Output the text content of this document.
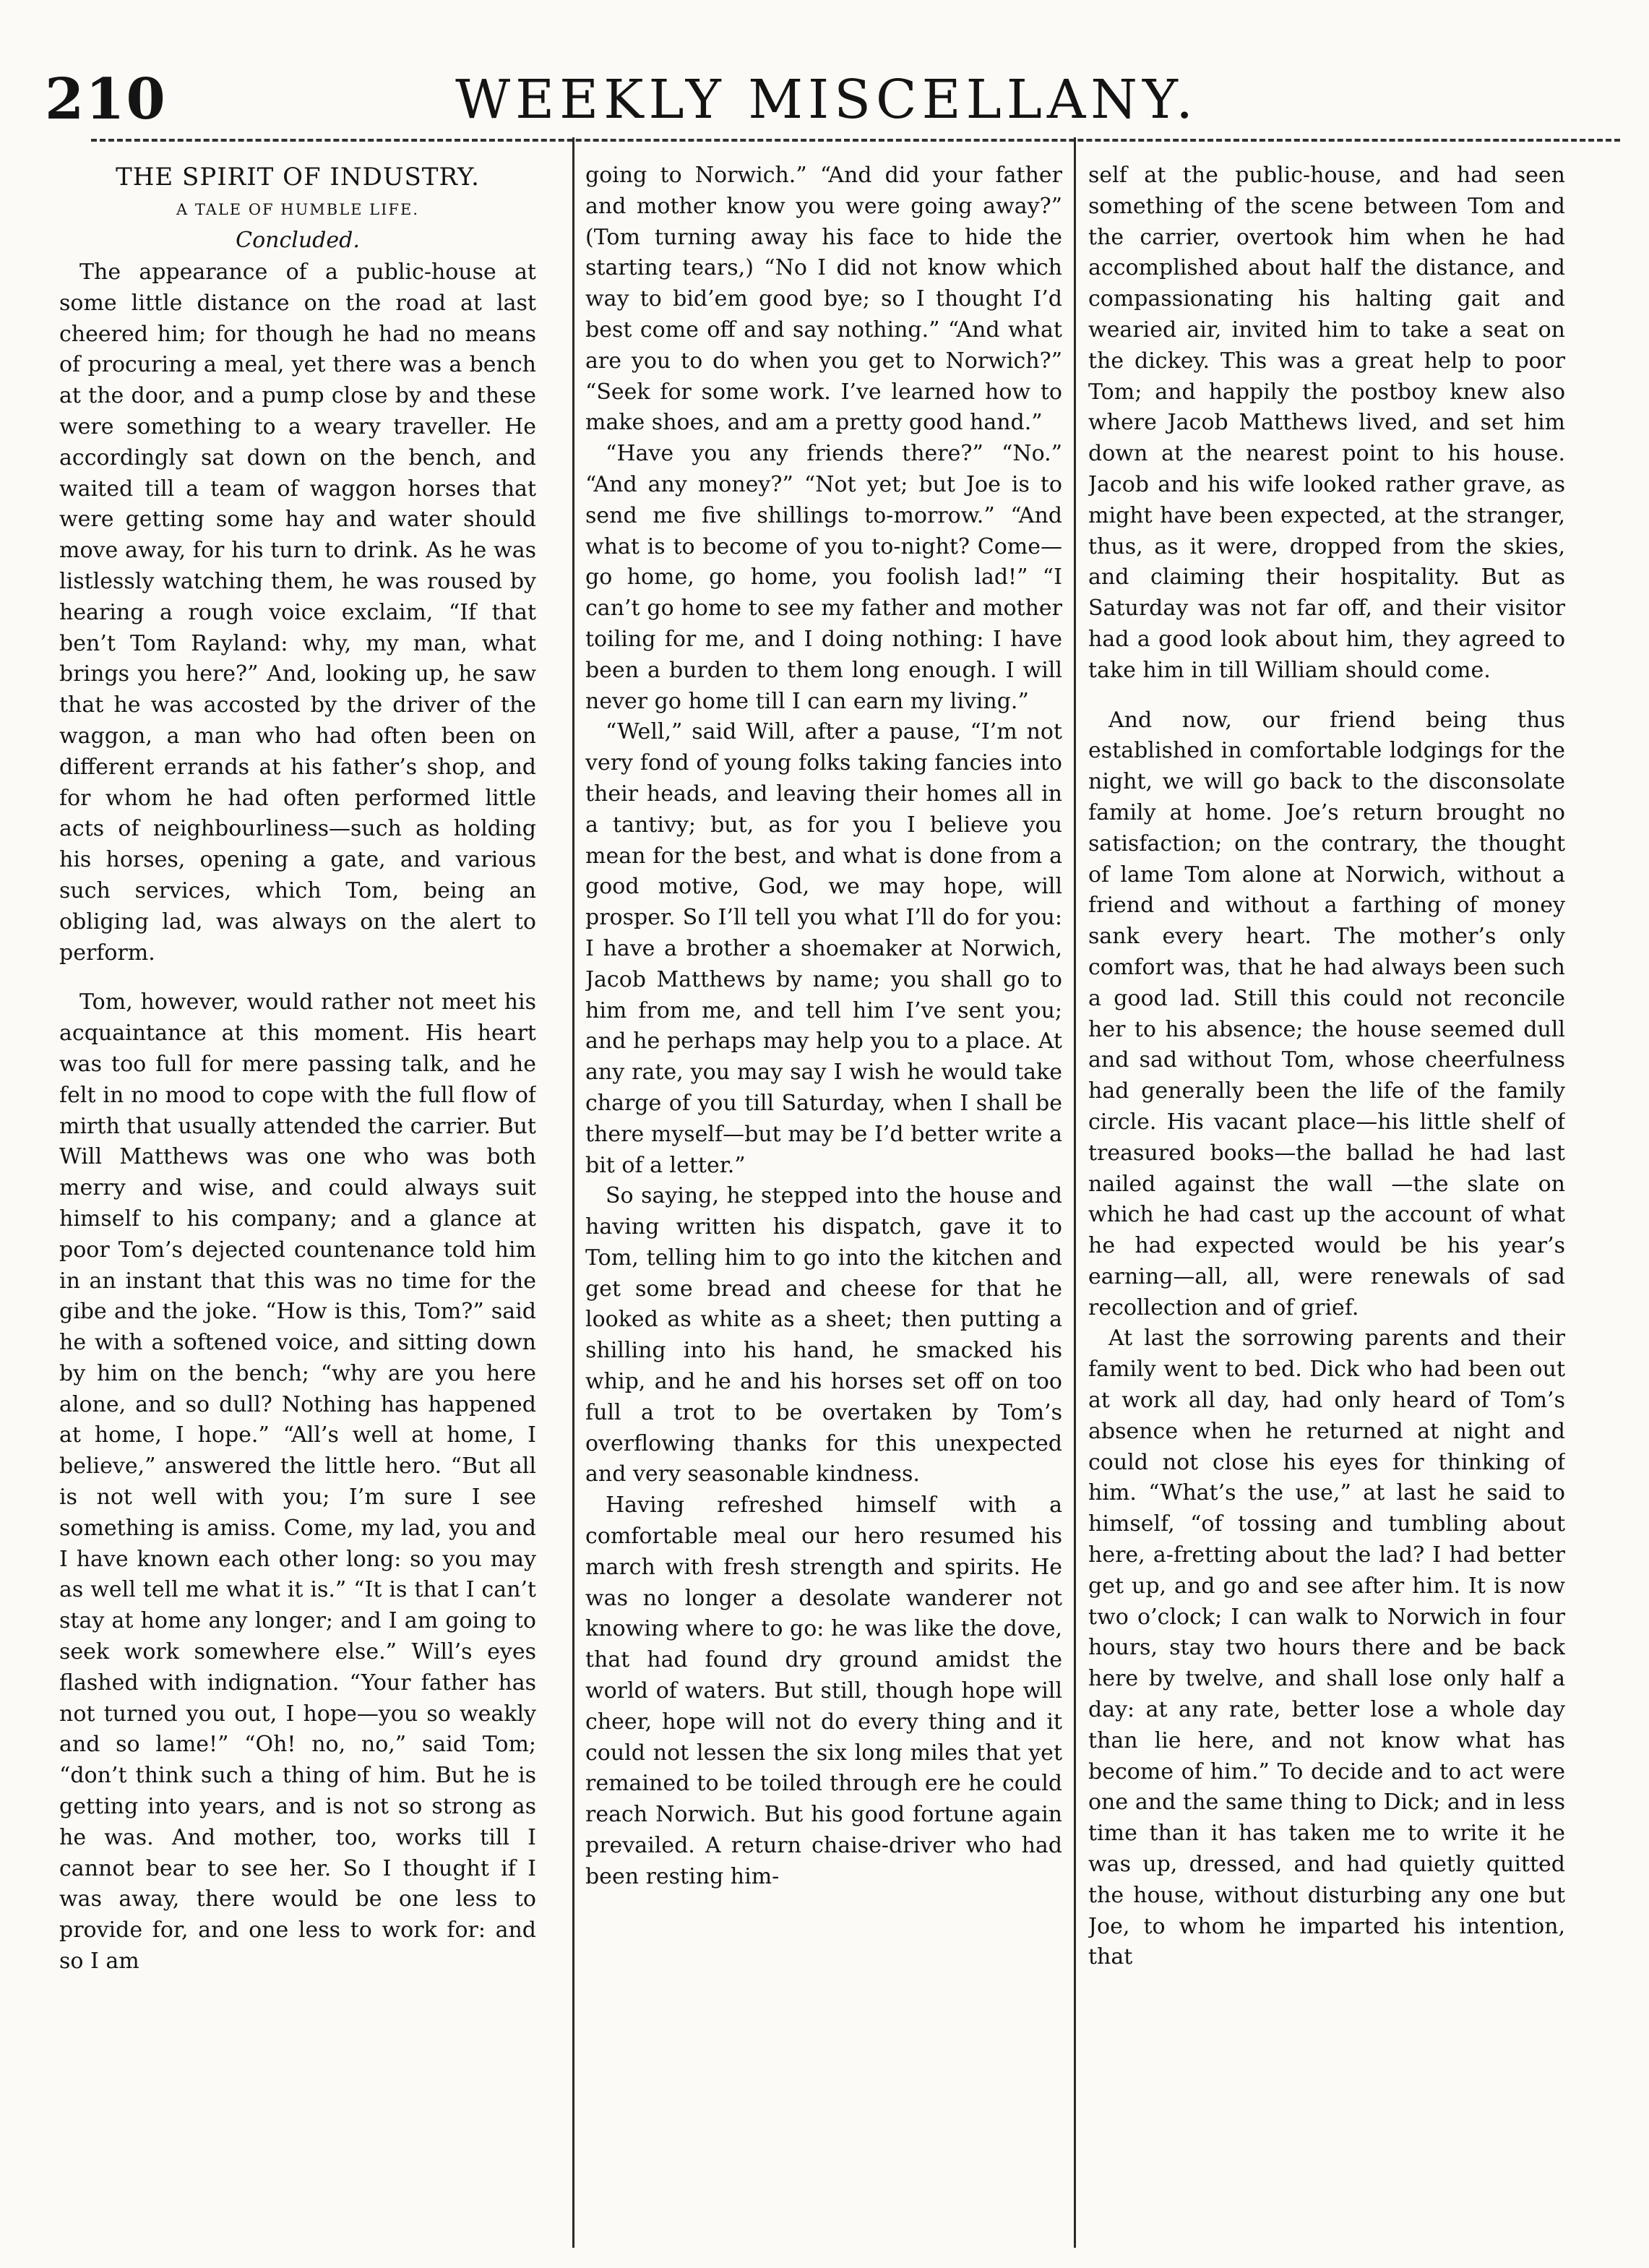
210	WEEKLY MISCELLANY.
THE SPIRIT OF INDUSTRY.
A TALE OF HUMBLE LIFE.
Concluded.

The appearance of a public-house at some little distance on the road at last cheered him; for though he had no means of procuring a meal, yet there was a bench at the door, and a pump close by and these were something to a weary traveller. He accordingly sat down on the bench, and waited till a team of waggon horses that were getting some hay and water should move away, for his turn to drink. As he was listlessly watching them, he was roused by hearing a rough voice exclaim, “If that ben’t Tom Rayland: why, my man, what brings you here?” And, looking up, he saw that he was accosted by the driver of the waggon, a man who had often been on different errands at his father’s shop, and for whom he had often performed little acts of neighbourliness—such as holding his horses, opening a gate, and various such services, which Tom, being an obliging lad, was always on the alert to perform.

Tom, however, would rather not meet his acquaintance at this moment. His heart was too full for mere passing talk, and he felt in no mood to cope with the full flow of mirth that usually attended the carrier. But Will Matthews was one who was both merry and wise, and could always suit himself to his company; and a glance at poor Tom’s dejected countenance told him in an instant that this was no time for the gibe and the joke. “How is this, Tom?” said he with a softened voice, and sitting down by him on the bench; “why are you here alone, and so dull? Nothing has happened at home, I hope.” “All’s well at home, I believe,” answered the little hero. “But all is not well with you; I’m sure I see something is amiss. Come, my lad, you and I have known each other long: so you may as well tell me what it is.” “It is that I can’t stay at home any longer; and I am going to seek work somewhere else.” Will’s eyes flashed with indignation. “Your father has not turned you out, I hope—you so weakly and so lame!” “Oh! no, no,” said Tom; “don’t think such a thing of him. But he is getting into years, and is not so strong as he was. And mother, too, works till I cannot bear to see her. So I thought if I was away, there would be one less to provide for, and one less to work for: and so I am

going to Norwich.” “And did your father and mother know you were going away?” (Tom turning away his face to hide the starting tears,) “No I did not know which way to bid’em good bye; so I thought I’d best come off and say nothing.” “And what are you to do when you get to Norwich?” “Seek for some work. I’ve learned how to make shoes, and am a pretty good hand.”

“Have you any friends there?” “No.” “And any money?” “Not yet; but Joe is to send me five shillings to-morrow.” “And what is to become of you to-night? Come—go home, go home, you foolish lad!” “I can’t go home to see my father and mother toiling for me, and I doing nothing: I have been a burden to them long enough. I will never go home till I can earn my living.”

“Well,” said Will, after a pause, “I’m not very fond of young folks taking fancies into their heads, and leaving their homes all in a tantivy; but, as for you I believe you mean for the best, and what is done from a good motive, God, we may hope, will prosper. So I’ll tell you what I’ll do for you: I have a brother a shoemaker at Norwich, Jacob Matthews by name; you shall go to him from me, and tell him I’ve sent you; and he perhaps may help you to a place. At any rate, you may say I wish he would take charge of you till Saturday, when I shall be there myself—but may be I’d better write a bit of a letter.”

So saying, he stepped into the house and having written his dispatch, gave it to Tom, telling him to go into the kitchen and get some bread and cheese for that he looked as white as a sheet; then putting a shilling into his hand, he smacked his whip, and he and his horses set off on too full a trot to be overtaken by Tom’s overflowing thanks for this unexpected and very seasonable kindness.

Having refreshed himself with a comfortable meal our hero resumed his march with fresh strength and spirits. He was no longer a desolate wanderer not knowing where to go: he was like the dove, that had found dry ground amidst the world of waters. But still, though hope will cheer, hope will not do every thing and it could not lessen the six long miles that yet remained to be toiled through ere he could reach Norwich. But his good fortune again prevailed. A return chaise-driver who had been resting him-

self at the public-house, and had seen something of the scene between Tom and the carrier, overtook him when he had accomplished about half the distance, and compassionating his halting gait and wearied air, invited him to take a seat on the dickey. This was a great help to poor Tom; and happily the postboy knew also where Jacob Matthews lived, and set him down at the nearest point to his house. Jacob and his wife looked rather grave, as might have been expected, at the stranger, thus, as it were, dropped from the skies, and claiming their hospitality. But as Saturday was not far off, and their visitor had a good look about him, they agreed to take him in till William should come.

And now, our friend being thus established in comfortable lodgings for the night, we will go back to the disconsolate family at home. Joe’s return brought no satisfaction; on the contrary, the thought of lame Tom alone at Norwich, without a friend and without a farthing of money sank every heart. The mother’s only comfort was, that he had always been such a good lad. Still this could not reconcile her to his absence; the house seemed dull and sad without Tom, whose cheerfulness had generally been the life of the family circle. His vacant place—his little shelf of treasured books—the ballad he had last nailed against the wall —the slate on which he had cast up the account of what he had expected would be his year’s earning—all, all, were renewals of sad recollection and of grief.

At last the sorrowing parents and their family went to bed. Dick who had been out at work all day, had only heard of Tom’s absence when he returned at night and could not close his eyes for thinking of him. “What’s the use,” at last he said to himself, “of tossing and tumbling about here, a-fretting about the lad? I had better get up, and go and see after him. It is now two o’clock; I can walk to Norwich in four hours, stay two hours there and be back here by twelve, and shall lose only half a day: at any rate, better lose a whole day than lie here, and not know what has become of him.” To decide and to act were one and the same thing to Dick; and in less time than it has taken me to write it he was up, dressed, and had quietly quitted the house, without disturbing any one but Joe, to whom he imparted his intention, that
